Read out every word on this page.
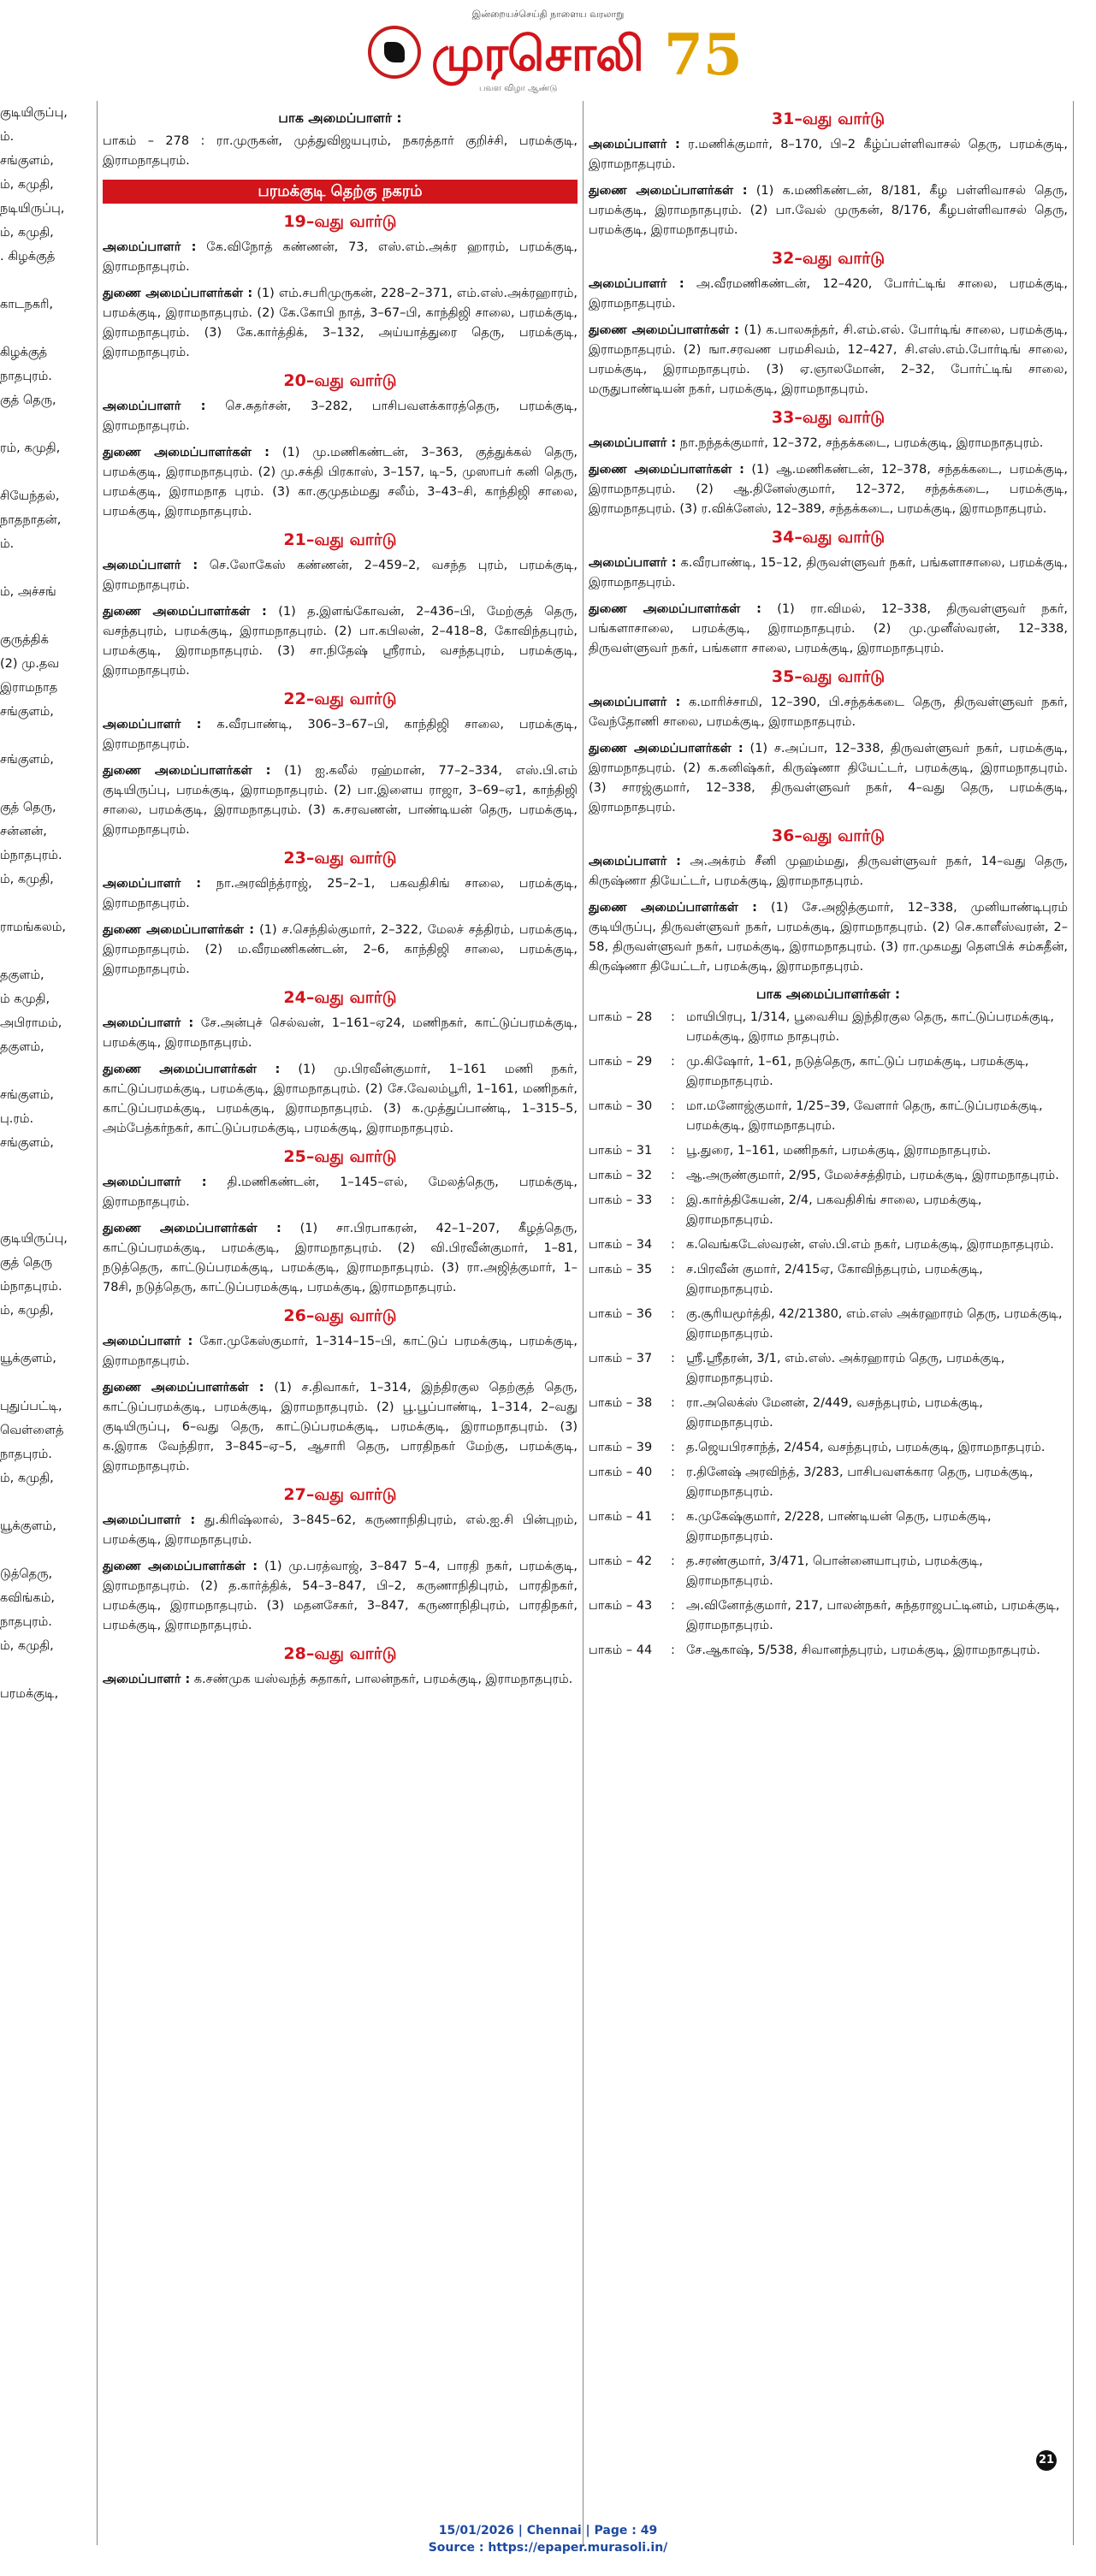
இன்றையச்செய்தி நாளைய வரலாறு
முரசொலி 75
பவள விழா ஆண்டு
குடியிருப்பு,
ம்.
சங்குளம்,
ம், கமுதி,
நடியிருப்பு,
ம், கமுதி,
. கிழக்குத்
காடநகரி,
கிழக்குத்
நாதபுரம்.
குத் தெரு,
ரம், கமுதி,
சியேந்தல்,
நாதநாதன்,
ம்.
ம், அச்சங்
குருத்திக்
(2) மு.தவ
இராமநாத
சங்குளம்,
சங்குளம்,
குத் தெரு,
சன்னன்,
ம்நாதபுரம்.
ம், கமுதி,
ராமங்கலம்,
தகுளம்,
ம் கமுதி,
அபிராமம்,
தகுளம்,
சங்குளம்,
பு.ரம்.
சங்குளம்,
குடியிருப்பு,
குத் தெரு
ம்நாதபுரம்.
ம், கமுதி,
யூக்குளம்,
புதுப்பட்டி,
வெள்ளைத்
நாதபுரம்.
ம், கமுதி,
யூக்குளம்,
டுத்தெரு,
கவிங்கம்,
நாதபுரம்.
ம், கமுதி,
பரமக்குடி,
பாக அமைப்பாளர் :
பாகம் – 278 : ரா.முருகன், முத்துவிஜயபுரம், நகரத்தார் குறிச்சி, பரமக்குடி, இராமநாதபுரம்.
பரமக்குடி தெற்கு நகரம்
19–வது வார்டு
அமைப்பாளர் : கே.விநோத் கண்ணன், 73, எஸ்.எம்.அக்ர ஹாரம், பரமக்குடி, இராமநாதபுரம்.
துணை அமைப்பாளர்கள் : (1) எம்.சபரிமுருகன், 228–2–371, எம்.எஸ்.அக்ரஹாரம், பரமக்குடி, இராமநாதபுரம். (2) கே.கோபி நாத், 3–67–பி, காந்திஜி சாலை, பரமக்குடி, இராமநாதபுரம். (3) கே.கார்த்திக், 3–132, அய்யாத்துரை தெரு, பரமக்குடி, இராமநாதபுரம்.
20–வது வார்டு
அமைப்பாளர் : செ.சுதர்சன், 3–282, பாசிபவளக்காரத்தெரு, பரமக்குடி, இராமநாதபுரம்.
துணை அமைப்பாளர்கள் : (1) மு.மணிகண்டன், 3–363, குத்துக்கல் தெரு, பரமக்குடி, இராமநாதபுரம். (2) மு.சக்தி பிரகாஸ், 3–157, டி–5, முஸாபர் கனி தெரு, பரமக்குடி, இராமநாத புரம். (3) கா.குமுதம்மது சலீம், 3–43–சி, காந்திஜி சாலை, பரமக்குடி, இராமநாதபுரம்.
21–வது வார்டு
அமைப்பாளர் : செ.லோகேஸ் கண்ணன், 2–459–2, வசந்த புரம், பரமக்குடி, இராமநாதபுரம்.
துணை அமைப்பாளர்கள் : (1) த.இளங்கோவன், 2–436–பி, மேற்குத் தெரு, வசந்தபுரம், பரமக்குடி, இராமநாதபுரம். (2) பா.கபிலன், 2–418–8, கோவிந்தபுரம், பரமக்குடி, இராமநாதபுரம். (3) சா.நிதேஷ் ஸ்ரீராம், வசந்தபுரம், பரமக்குடி, இராமநாதபுரம்.
22–வது வார்டு
அமைப்பாளர் : க.வீரபாண்டி, 306–3–67–பி, காந்திஜி சாலை, பரமக்குடி, இராமநாதபுரம்.
துணை அமைப்பாளர்கள் : (1) ஐ.கலீல் ரஹ்மான், 77–2–334, எஸ்.பி.எம் குடியிருப்பு, பரமக்குடி, இராமநாதபுரம். (2) பா.இளைய ராஜா, 3–69–ஏ1, காந்திஜி சாலை, பரமக்குடி, இராமநாதபுரம். (3) க.சரவணன், பாண்டியன் தெரு, பரமக்குடி, இராமநாதபுரம்.
23–வது வார்டு
அமைப்பாளர் : நா.அரவிந்த்ராஜ், 25–2–1, பகவதிசிங் சாலை, பரமக்குடி, இராமநாதபுரம்.
துணை அமைப்பாளர்கள் : (1) ச.செந்தில்குமார், 2–322, மேலச் சத்திரம், பரமக்குடி, இராமநாதபுரம். (2) ம.வீரமணிகண்டன், 2–6, காந்திஜி சாலை, பரமக்குடி, இராமநாதபுரம்.
24–வது வார்டு
அமைப்பாளர் : சே.அன்புச் செல்வன், 1–161–ஏ24, மணிநகர், காட்டுப்பரமக்குடி, பரமக்குடி, இராமநாதபுரம்.
துணை அமைப்பாளர்கள் : (1) மு.பிரவீன்குமார், 1–161 மணி நகர், காட்டுப்பரமக்குடி, பரமக்குடி, இராமநாதபுரம். (2) சே.வேலம்பூரி, 1–161, மணிநகர், காட்டுப்பரமக்குடி, பரமக்குடி, இராமநாதபுரம். (3) க.முத்துப்பாண்டி, 1–315–5, அம்பேத்கர்நகர், காட்டுப்பரமக்குடி, பரமக்குடி, இராமநாதபுரம்.
25–வது வார்டு
அமைப்பாளர் : தி.மணிகண்டன், 1–145–எல், மேலத்தெரு, பரமக்குடி, இராமநாதபுரம்.
துணை அமைப்பாளர்கள் : (1) சா.பிரபாகரன், 42–1–207, கீழத்தெரு, காட்டுப்பரமக்குடி, பரமக்குடி, இராமநாதபுரம். (2) வி.பிரவீன்குமார், 1–81, நடுத்தெரு, காட்டுப்பரமக்குடி, பரமக்குடி, இராமநாதபுரம். (3) ரா.அஜித்குமார், 1–78சி, நடுத்தெரு, காட்டுப்பரமக்குடி, பரமக்குடி, இராமநாதபுரம்.
26–வது வார்டு
அமைப்பாளர் : கோ.முகேஸ்குமார், 1–314–15–பி, காட்டுப் பரமக்குடி, பரமக்குடி, இராமநாதபுரம்.
துணை அமைப்பாளர்கள் : (1) ச.திவாகர், 1–314, இந்திரகுல தெற்குத் தெரு, காட்டுப்பரமக்குடி, பரமக்குடி, இராமநாதபுரம். (2) பூ.பூப்பாண்டி, 1–314, 2–வது குடியிருப்பு, 6–வது தெரு, காட்டுப்பரமக்குடி, பரமக்குடி, இராமநாதபுரம். (3) க.இராக வேந்திரா, 3–845–ஏ–5, ஆசாரி தெரு, பாரதிநகர் மேற்கு, பரமக்குடி, இராமநாதபுரம்.
27–வது வார்டு
அமைப்பாளர் : து.கிரிஷ்லால், 3–845–62, கருணாநிதிபுரம், எல்.ஐ.சி பின்புறம், பரமக்குடி, இராமநாதபுரம்.
துணை அமைப்பாளர்கள் : (1) மு.பரத்வாஜ், 3–847 5–4, பாரதி நகர், பரமக்குடி, இராமநாதபுரம். (2) த.கார்த்திக், 54–3–847, பி–2, கருணாநிதிபுரம், பாரதிநகர், பரமக்குடி, இராமநாதபுரம். (3) மதனசேகர், 3–847, கருணாநிதிபுரம், பாரதிநகர், பரமக்குடி, இராமநாதபுரம்.
28–வது வார்டு
அமைப்பாளர் : க.சண்முக யஸ்வந்த் சுதாகர், பாலன்நகர், பரமக்குடி, இராமநாதபுரம்.
31–வது வார்டு
அமைப்பாளர் : ர.மணிக்குமார், 8–170, பி–2 கீழ்ப்பள்ளிவாசல் தெரு, பரமக்குடி, இராமநாதபுரம்.
துணை அமைப்பாளர்கள் : (1) க.மணிகண்டன், 8/181, கீழ பள்ளிவாசல் தெரு, பரமக்குடி, இராமநாதபுரம். (2) பா.வேல் முருகன், 8/176, கீழபள்ளிவாசல் தெரு, பரமக்குடி, இராமநாதபுரம்.
32–வது வார்டு
அமைப்பாளர் : அ.வீரமணிகண்டன், 12–420, போர்ட்டிங் சாலை, பரமக்குடி, இராமநாதபுரம்.
துணை அமைப்பாளர்கள் : (1) க.பாலசுந்தர், சி.எம்.எல். போர்டிங் சாலை, பரமக்குடி, இராமநாதபுரம். (2) ஙா.சரவண பரமசிவம், 12–427, சி.எஸ்.எம்.போர்டிங் சாலை, பரமக்குடி, இராமநாதபுரம். (3) ஏ.ஞாலமோன், 2–32, போர்ட்டிங் சாலை, மருதுபாண்டியன் நகர், பரமக்குடி, இராமநாதபுரம்.
33–வது வார்டு
அமைப்பாளர் : நா.நந்தக்குமார், 12–372, சந்தக்கடை, பரமக்குடி, இராமநாதபுரம்.
துணை அமைப்பாளர்கள் : (1) ஆ.மணிகண்டன், 12–378, சந்தக்கடை, பரமக்குடி, இராமநாதபுரம். (2) ஆ.தினேஸ்குமார், 12–372, சந்தக்கடை, பரமக்குடி, இராமநாதபுரம். (3) ர.விக்னேஸ், 12–389, சந்தக்கடை, பரமக்குடி, இராமநாதபுரம்.
34–வது வார்டு
அமைப்பாளர் : க.வீரபாண்டி, 15–12, திருவள்ளுவர் நகர், பங்களாசாலை, பரமக்குடி, இராமநாதபுரம்.
துணை அமைப்பாளர்கள் : (1) ரா.விமல், 12–338, திருவள்ளுவர் நகர், பங்களாசாலை, பரமக்குடி, இராமநாதபுரம். (2) மு.முனீஸ்வரன், 12–338, திருவள்ளுவர் நகர், பங்களா சாலை, பரமக்குடி, இராமநாதபுரம்.
35–வது வார்டு
அமைப்பாளர் : க.மாரிச்சாமி, 12–390, பி.சந்தக்கடை தெரு, திருவள்ளுவர் நகர், வேந்தோணி சாலை, பரமக்குடி, இராமநாதபுரம்.
துணை அமைப்பாளர்கள் : (1) ச.அப்பா, 12–338, திருவள்ளுவர் நகர், பரமக்குடி, இராமநாதபுரம். (2) க.கனிஷ்கர், கிருஷ்ணா தியேட்டர், பரமக்குடி, இராமநாதபுரம். (3) சாரஜ்குமார், 12–338, திருவள்ளுவர் நகர், 4–வது தெரு, பரமக்குடி, இராமநாதபுரம்.
36–வது வார்டு
அமைப்பாளர் : அ.அக்ரம் சீனி முஹம்மது, திருவள்ளுவர் நகர், 14–வது தெரு, கிருஷ்ணா தியேட்டர், பரமக்குடி, இராமநாதபுரம்.
துணை அமைப்பாளர்கள் : (1) சே.அஜித்குமார், 12–338, முனியாண்டிபுரம் குடியிருப்பு, திருவள்ளுவர் நகர், பரமக்குடி, இராமநாதபுரம். (2) செ.காளீஸ்வரன், 2–58, திருவள்ளுவர் நகர், பரமக்குடி, இராமநாதபுரம். (3) ரா.முகமது தௌபிக் சம்சுதீன், கிருஷ்ணா தியேட்டர், பரமக்குடி, இராமநாதபுரம்.
பாக அமைப்பாளர்கள் :
பாகம் – 28	: மாயிபிரபு, 1/314, பூவைசிய இந்திரகுல தெரு, காட்டுப்பரமக்குடி, பரமக்குடி, இராம நாதபுரம்.
பாகம் – 29	: மு.கிஷோர், 1–61, நடுத்தெரு, காட்டுப் பரமக்குடி, பரமக்குடி, இராமநாதபுரம்.
பாகம் – 30	: மா.மனோஜ்குமார், 1/25–39, வேளார் தெரு, காட்டுப்பரமக்குடி, பரமக்குடி, இராமநாதபுரம்.
பாகம் – 31	: பூ.துரை, 1–161, மணிநகர், பரமக்குடி, இராமநாதபுரம்.
பாகம் – 32	: ஆ.அருண்குமார், 2/95, மேலச்சத்திரம், பரமக்குடி, இராமநாதபுரம்.
பாகம் – 33	: இ.கார்த்திகேயன், 2/4, பகவதிசிங் சாலை, பரமக்குடி, இராமநாதபுரம்.
பாகம் – 34	: க.வெங்கடேஸ்வரன், எஸ்.பி.எம் நகர், பரமக்குடி, இராமநாதபுரம்.
பாகம் – 35	: ச.பிரவீன் குமார், 2/415ஏ, கோவிந்தபுரம், பரமக்குடி, இராமநாதபுரம்.
பாகம் – 36	: கு.சூரியமூர்த்தி, 42/21380, எம்.எஸ் அக்ரஹாரம் தெரு, பரமக்குடி, இராமநாதபுரம்.
பாகம் – 37	: ஸ்ரீ.ஸ்ரீதரன், 3/1, எம்.எஸ். அக்ரஹாரம் தெரு, பரமக்குடி, இராமநாதபுரம்.
பாகம் – 38	: ரா.அலெக்ஸ் மேனன், 2/449, வசந்தபுரம், பரமக்குடி, இராமநாதபுரம்.
பாகம் – 39	: த.ஜெயபிரசாந்த், 2/454, வசந்தபுரம், பரமக்குடி, இராமநாதபுரம்.
பாகம் – 40	: ர.தினேஷ் அரவிந்த், 3/283, பாசிபவளக்கார தெரு, பரமக்குடி, இராமநாதபுரம்.
பாகம் – 41	: க.முகேஷ்குமார், 2/228, பாண்டியன் தெரு, பரமக்குடி, இராமநாதபுரம்.
பாகம் – 42	: த.சரண்குமார், 3/471, பொன்னையாபுரம், பரமக்குடி, இராமநாதபுரம்.
பாகம் – 43	: அ.வினோத்குமார், 217, பாலன்நகர், சுந்தராஜபட்டினம், பரமக்குடி, இராமநாதபுரம்.
பாகம் – 44	: சே.ஆகாஷ், 5/538, சிவானந்தபுரம், பரமக்குடி, இராமநாதபுரம்.
21
15/01/2026 | Chennai | Page : 49
Source : https://epaper.murasoli.in/
